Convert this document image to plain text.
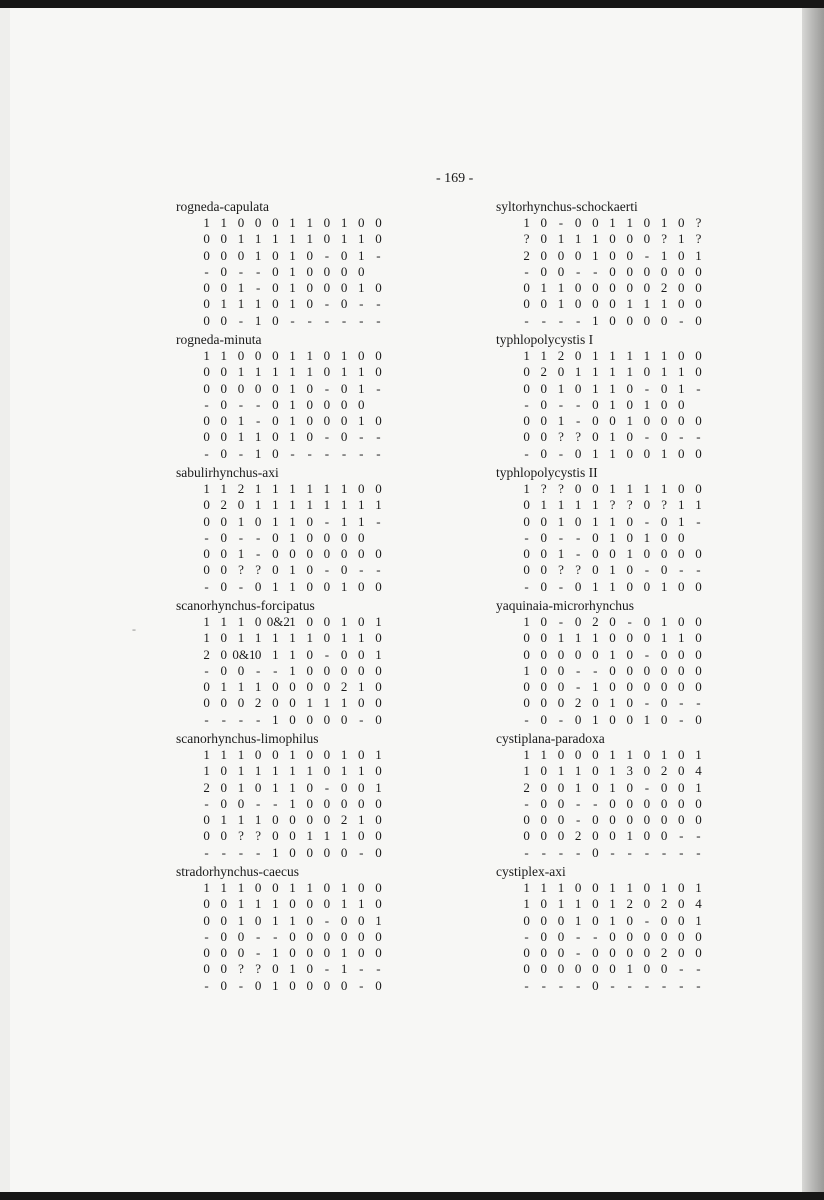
- 169 -
-
rogneda-capulata
1 1 0 0 0 1 1 0 1 0 0
0 0 1 1 1 1 1 0 1 1 0
0 0 0 1 0 1 0 - 0 1 -
- 0 - - 0 1 0 0 0 0
0 0 1 - 0 1 0 0 0 1 0
0 1 1 1 0 1 0 - 0 - -
0 0 - 1 0 - - - - - -
rogneda-minuta
1 1 0 0 0 1 1 0 1 0 0
0 0 1 1 1 1 1 0 1 1 0
0 0 0 0 0 1 0 - 0 1 -
- 0 - - 0 1 0 0 0 0
0 0 1 - 0 1 0 0 0 1 0
0 0 1 1 0 1 0 - 0 - -
- 0 - 1 0 - - - - - -
sabulirhynchus-axi
1 1 2 1 1 1 1 1 1 0 0
0 2 0 1 1 1 1 1 1 1 1
0 0 1 0 1 1 0 - 1 1 -
- 0 - - 0 1 0 0 0 0
0 0 1 - 0 0 0 0 0 0 0
0 0 ? ? 0 1 0 - 0 - -
- 0 - 0 1 1 0 0 1 0 0
scanorhynchus-forcipatus
1 1 1 0 0&2 1 0 0 1 0 1
1 0 1 1 1 1 1 0 1 1 0
2 0 0&1 0 1 1 0 - 0 0 1
- 0 0 - - 1 0 0 0 0 0
0 1 1 1 0 0 0 0 2 1 0
0 0 0 2 0 0 1 1 1 0 0
- - - - 1 0 0 0 0 - 0
scanorhynchus-limophilus
1 1 1 0 0 1 0 0 1 0 1
1 0 1 1 1 1 1 0 1 1 0
2 0 1 0 1 1 0 - 0 0 1
- 0 0 - - 1 0 0 0 0 0
0 1 1 1 0 0 0 0 2 1 0
0 0 ? ? 0 0 1 1 1 0 0
- - - - 1 0 0 0 0 - 0
stradorhynchus-caecus
1 1 1 0 0 1 1 0 1 0 0
0 0 1 1 1 0 0 0 1 1 0
0 0 1 0 1 1 0 - 0 0 1
- 0 0 - - 0 0 0 0 0 0
0 0 0 - 1 0 0 0 1 0 0
0 0 ? ? 0 1 0 - 1 - -
- 0 - 0 1 0 0 0 0 - 0
syltorhynchus-schockaerti
1 0 - 0 0 1 1 0 1 0 ?
? 0 1 1 1 0 0 0 ? 1 ?
2 0 0 0 1 0 0 - 1 0 1
- 0 0 - - 0 0 0 0 0 0
0 1 1 0 0 0 0 0 2 0 0
0 0 1 0 0 0 1 1 1 0 0
- - - - 1 0 0 0 0 - 0
typhlopolycystis I
1 1 2 0 1 1 1 1 1 0 0
0 2 0 1 1 1 1 0 1 1 0
0 0 1 0 1 1 0 - 0 1 -
- 0 - - 0 1 0 1 0 0
0 0 1 - 0 0 1 0 0 0 0
0 0 ? ? 0 1 0 - 0 - -
- 0 - 0 1 1 0 0 1 0 0
typhlopolycystis II
1 ? ? 0 0 1 1 1 1 0 0
0 1 1 1 1 ? ? 0 ? 1 1
0 0 1 0 1 1 0 - 0 1 -
- 0 - - 0 1 0 1 0 0
0 0 1 - 0 0 1 0 0 0 0
0 0 ? ? 0 1 0 - 0 - -
- 0 - 0 1 1 0 0 1 0 0
yaquinaia-microrhynchus
1 0 - 0 2 0 - 0 1 0 0
0 0 1 1 1 0 0 0 1 1 0
0 0 0 0 0 1 0 - 0 0 0
1 0 0 - - 0 0 0 0 0 0
0 0 0 - 1 0 0 0 0 0 0
0 0 0 2 0 1 0 - 0 - -
- 0 - 0 1 0 0 1 0 - 0
cystiplana-paradoxa
1 1 0 0 0 1 1 0 1 0 1
1 0 1 1 0 1 3 0 2 0 4
2 0 0 1 0 1 0 - 0 0 1
- 0 0 - - 0 0 0 0 0 0
0 0 0 - 0 0 0 0 0 0 0
0 0 0 2 0 0 1 0 0 - -
- - - - 0 - - - - - -
cystiplex-axi
1 1 1 0 0 1 1 0 1 0 1
1 0 1 1 0 1 2 0 2 0 4
0 0 0 1 0 1 0 - 0 0 1
- 0 0 - - 0 0 0 0 0 0
0 0 0 - 0 0 0 0 2 0 0
0 0 0 0 0 0 1 0 0 - -
- - - - 0 - - - - - -
